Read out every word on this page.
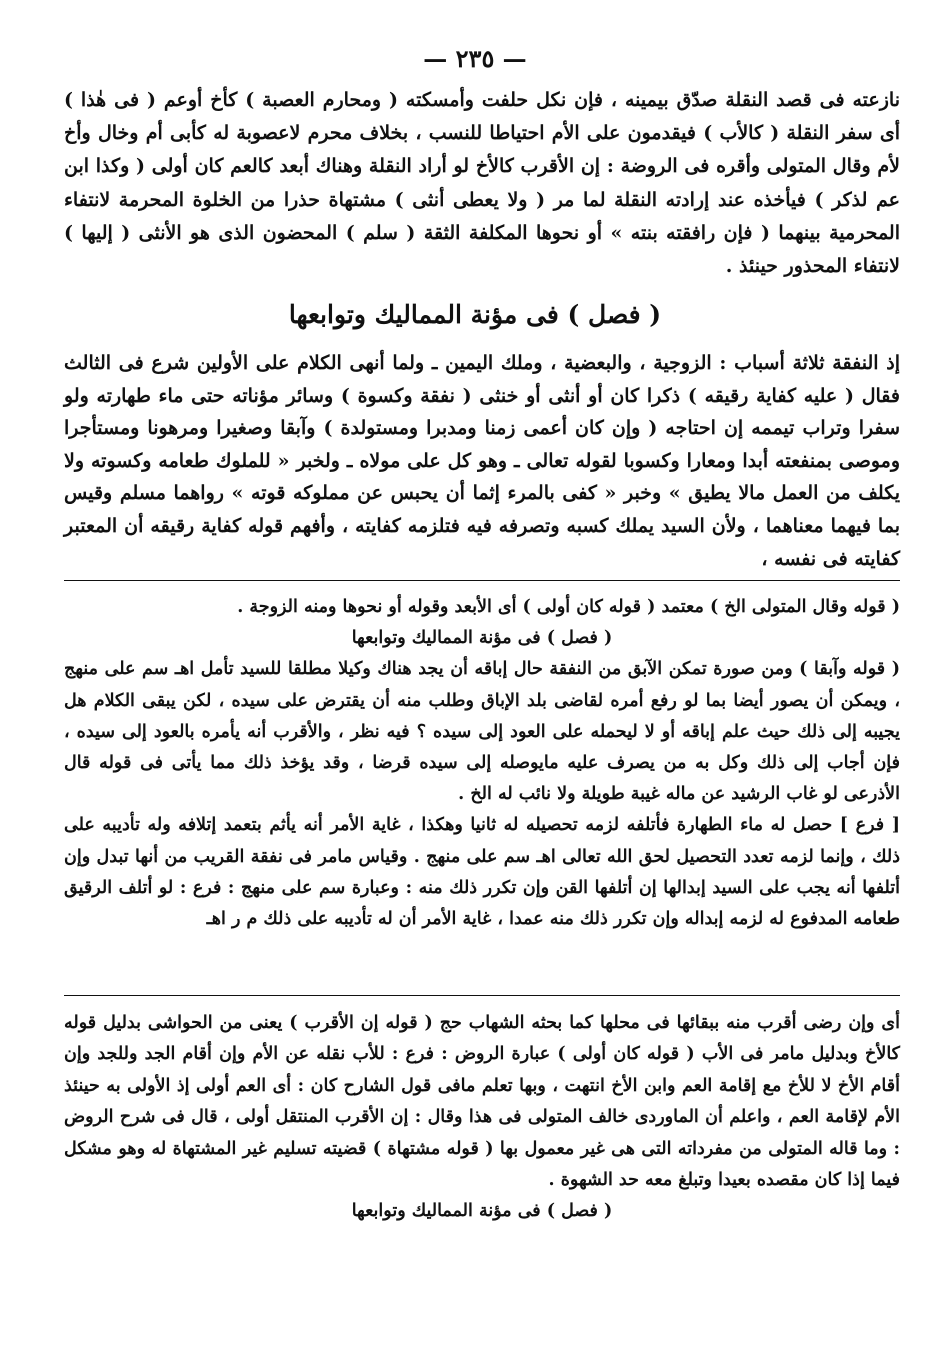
— ٢٣٥ —

نازعته فى قصد النقلة صدّق بيمينه ، فإن نكل حلفت وأمسكته ( ومحارم العصبة ) كأخ أوعم ( فى هٰذا ) أى سفر النقلة ( كالأب ) فيقدمون على الأم احتياطا للنسب ، بخلاف محرم لاعصوبة له كأبى أم وخال وأخ لأم وقال المتولى وأقره فى الروضة : إن الأقرب كالأخ لو أراد النقلة وهناك أبعد كالعم كان أولى ( وكذا ابن عم لذكر ) فيأخذه عند إرادته النقلة لما مر ( ولا يعطى أنثى ) مشتهاة حذرا من الخلوة المحرمة لانتفاء المحرمية بينهما ( فإن رافقته بنته » أو نحوها المكلفة الثقة ( سلم ) المحضون الذى هو الأنثى ( إليها ) لانتفاء المحذور حينئذ .

( فصل ) فى مؤنة المماليك وتوابعها

إذ النفقة ثلاثة أسباب : الزوجية ، والبعضية ، وملك اليمين ـ ولما أنهى الكلام على الأولين شرع فى الثالث فقال ( عليه كفاية رقيقه ) ذكرا كان أو أنثى أو خنثى ( نفقة وكسوة ) وسائر مؤناته حتى ماء طهارته ولو سفرا وتراب تيممه إن احتاجه ( وإن كان أعمى زمنا ومدبرا ومستولدة ) وآبقا وصغيرا ومرهونا ومستأجرا وموصى بمنفعته أبدا ومعارا وكسوبا لقوله تعالى ـ وهو كل على مولاه ـ ولخبر « للملوك طعامه وكسوته ولا يكلف من العمل مالا يطيق » وخبر « كفى بالمرء إثما أن يحبس عن مملوكه قوته » رواهما مسلم وقيس بما فيهما معناهما ، ولأن السيد يملك كسبه وتصرفه فيه فتلزمه كفايته ، وأفهم قوله كفاية رقيقه أن المعتبر كفايته فى نفسه ،

( قوله وقال المتولى الخ ) معتمد ( قوله كان أولى ) أى الأبعد وقوله أو نحوها ومنه الزوجة .

( فصل ) فى مؤنة المماليك وتوابعها

( قوله وآبقا ) ومن صورة تمكن الآبق من النفقة حال إباقه أن يجد هناك وكيلا مطلقا للسيد تأمل اهـ سم على منهج ، ويمكن أن يصور أيضا بما لو رفع أمره لقاضى بلد الإباق وطلب منه أن يقترض على سيده ، لكن يبقى الكلام هل يجيبه إلى ذلك حيث علم إباقه أو لا ليحمله على العود إلى سيده ؟ فيه نظر ، والأقرب أنه يأمره بالعود إلى سيده ، فإن أجاب إلى ذلك وكل به من يصرف عليه مايوصله إلى سيده قرضا ، وقد يؤخذ ذلك مما يأتى فى قوله قال الأذرعى لو غاب الرشيد عن ماله غيبة طويلة ولا نائب له الخ .

[ فرع ] حصل له ماء الطهارة فأتلفه لزمه تحصيله له ثانيا وهكذا ، غاية الأمر أنه يأثم بتعمد إتلافه وله تأديبه على ذلك ، وإنما لزمه تعدد التحصيل لحق الله تعالى اهـ سم على منهج . وقياس مامر فى نفقة القريب من أنها تبدل وإن أتلفها أنه يجب على السيد إبدالها إن أتلفها القن وإن تكرر ذلك منه : وعبارة سم على منهج : فرع : لو أتلف الرقيق طعامه المدفوع له لزمه إبداله وإن تكرر ذلك منه عمدا ، غاية الأمر أن له تأديبه على ذلك م ر اهـ

أى وإن رضى أقرب منه ببقائها فى محلها كما بحثه الشهاب حج ( قوله إن الأقرب ) يعنى من الحواشى بدليل قوله كالأخ وبدليل مامر فى الأب ( قوله كان أولى ) عبارة الروض : فرع : للأب نقله عن الأم وإن أقام الجد وللجد وإن أقام الأخ لا للأخ مع إقامة العم وابن الأخ انتهت ، وبها تعلم مافى قول الشارح كان : أى العم أولى إذ الأولى به حينئذ الأم لإقامة العم ، واعلم أن الماوردى خالف المتولى فى هذا وقال : إن الأقرب المنتقل أولى ، قال فى شرح الروض : وما قاله المتولى من مفرداته التى هى غير معمول بها ( قوله مشتهاة ) قضيته تسليم غير المشتهاة له وهو مشكل فيما إذا كان مقصده بعيدا وتبلغ معه حد الشهوة .

( فصل ) فى مؤنة المماليك وتوابعها
